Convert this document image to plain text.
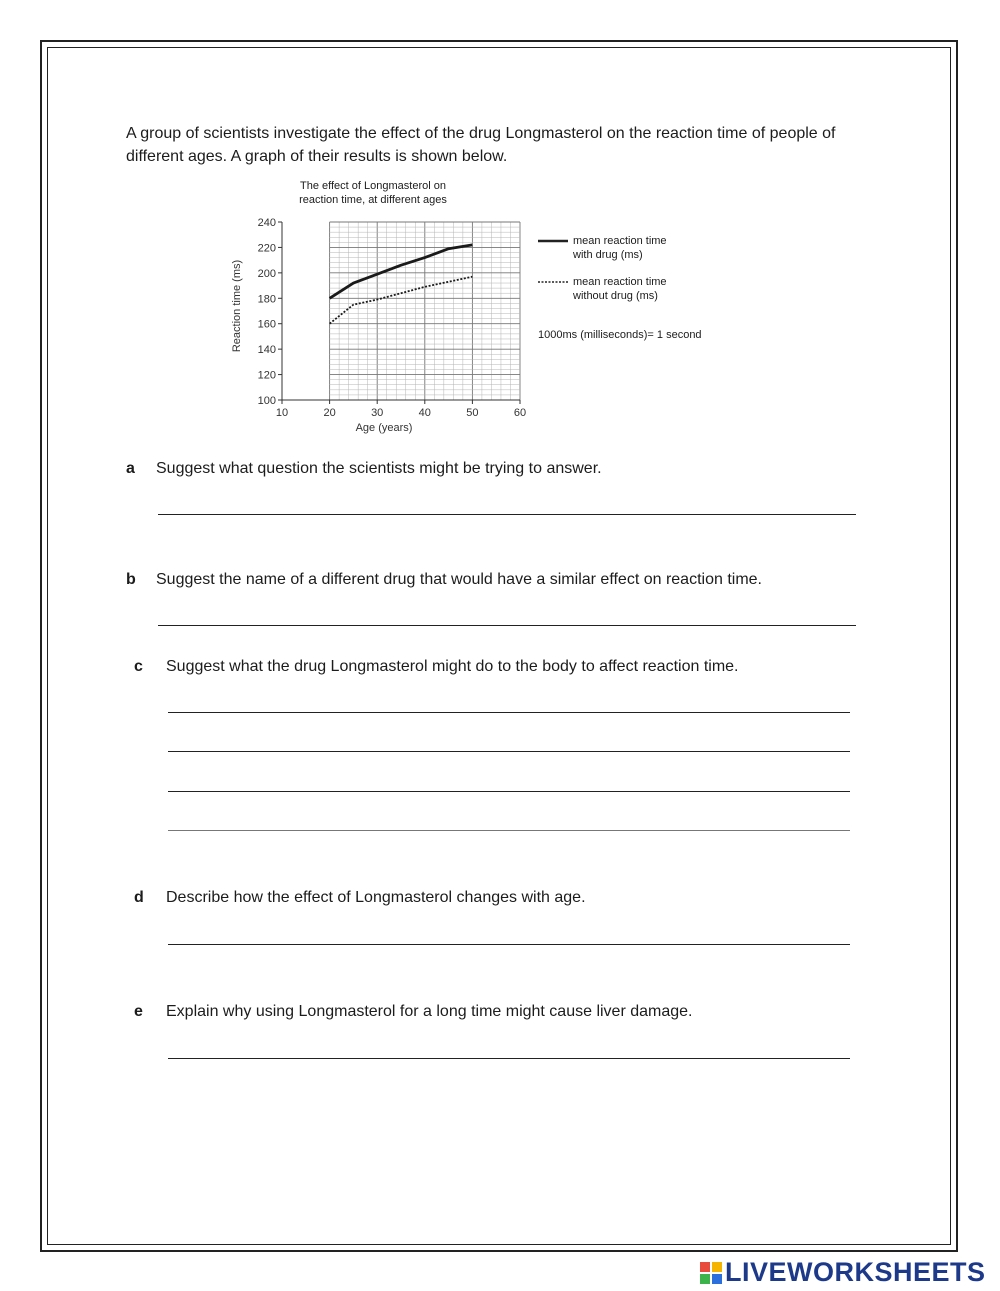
A group of scientists investigate the effect of the drug Longmasterol on the reaction time of people of different ages. A graph of their results is shown below.
The effect of Longmasterol on reaction time, at different ages
10	20	30	40	50	60
100
120
140
160
180
200
220
240
Age (years)
Reaction time (ms)
mean reaction time
with drug (ms)
mean reaction time
without drug (ms)
1000ms (milliseconds)= 1 second
a Suggest what question the scientists might be trying to answer.
b Suggest the name of a different drug that would have a similar effect on reaction time.
c Suggest what the drug Longmasterol might do to the body to affect reaction time.
d Describe how the effect of Longmasterol changes with age.
e Explain why using Longmasterol for a long time might cause liver damage.
LIVEWORKSHEETS
